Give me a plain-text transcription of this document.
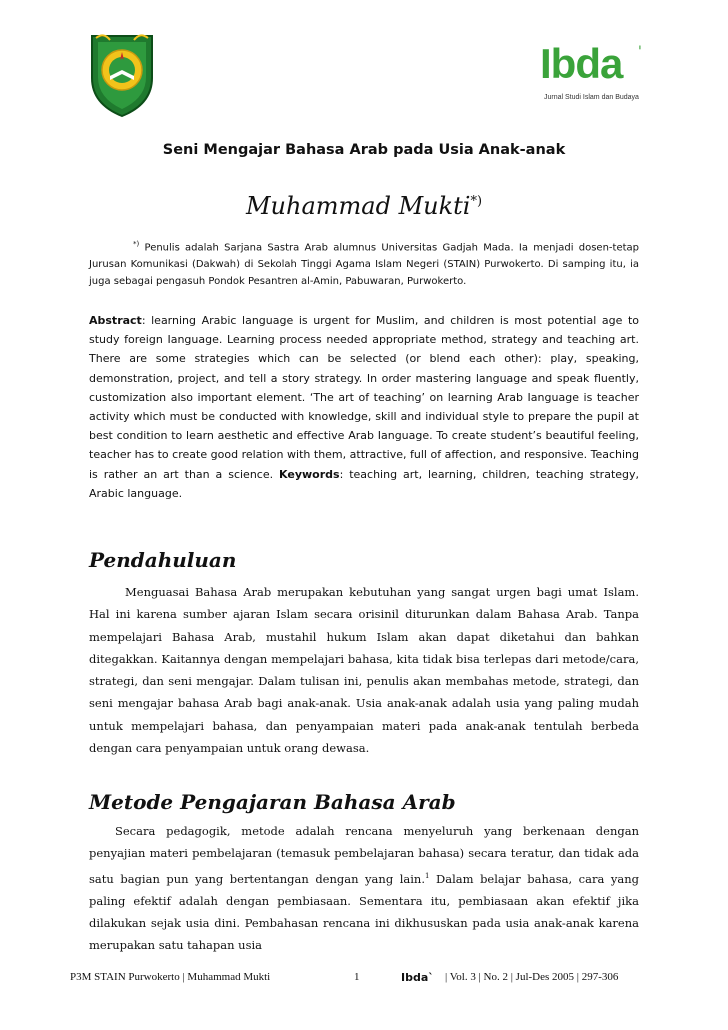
Ibda '
Jurnal Studi Islam dan Budaya
Seni Mengajar Bahasa Arab pada Usia Anak-anak
Muhammad Mukti*)
*) Penulis adalah Sarjana Sastra Arab alumnus Universitas Gadjah Mada. Ia menjadi dosen-tetap Jurusan Komunikasi (Dakwah) di Sekolah Tinggi Agama Islam Negeri (STAIN) Purwokerto. Di samping itu, ia juga sebagai pengasuh Pondok Pesantren al-Amin, Pabuwaran, Purwokerto.
Abstract: learning Arabic language is urgent for Muslim, and children is most potential age to study foreign Ianguage. Learning process needed appropriate method, strategy and teaching art. There are some strategies which can be selected (or blend each other): play, speaking, demonstration, project, and tell a story strategy. In order mastering language and speak fluently, customization also important element. ‘The art of teaching’ on learning Arab Ianguage is teacher activity which must be conducted with knowledge, skill and individual style to prepare the pupil at best condition to learn aesthetic and effective Arab Ianguage. To create student’s beautiful feeling, teacher has to create good relation with them, attractive, full of affection, and responsive. Teaching is rather an art than a science. Keywords: teaching art, learning, children, teaching strategy, Arabic language.
Pendahuluan
Menguasai Bahasa Arab merupakan kebutuhan yang sangat urgen bagi umat Islam. Hal ini karena sumber ajaran Islam secara orisinil diturunkan dalam Bahasa Arab. Tanpa mempelajari Bahasa Arab, mustahil hukum Islam akan dapat diketahui dan bahkan ditegakkan. Kaitannya dengan mempelajari bahasa, kita tidak bisa terlepas dari metode/cara, strategi, dan seni mengajar. Dalam tulisan ini, penulis akan membahas metode, strategi, dan seni mengajar bahasa Arab bagi anak-anak. Usia anak-anak adalah usia yang paling mudah untuk mempelajari bahasa, dan penyampaian materi pada anak-anak tentulah berbeda dengan cara penyampaian untuk orang dewasa.
Metode Pengajaran Bahasa Arab
Secara pedagogik, metode adalah rencana menyeluruh yang berkenaan dengan penyajian materi pembelajaran (temasuk pembelajaran bahasa) secara teratur, dan tidak ada satu bagian pun yang bertentangan dengan yang lain.$^1$ Dalam belajar bahasa, cara yang paling efektif adalah dengan pembiasaan. Sementara itu, pembiasaan akan efektif jika dilakukan sejak usia dini. Pembahasan rencana ini dikhususkan pada usia anak-anak karena merupakan satu tahapan usia
P3M STAIN Purwokerto | Muhammad Mukti	1	Ibda` | Vol. 3 | No. 2 | Jul-Des 2005 | 297-306
